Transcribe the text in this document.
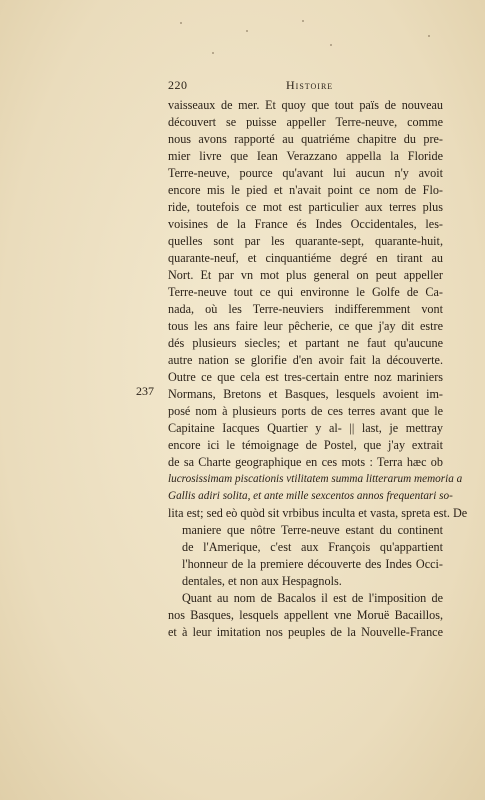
220	Histoire
237
vaisseaux de mer. Et quoy que tout païs de nouveau
découvert se puisse appeller Terre-neuve, comme
nous avons rapporté au quatriéme chapitre du pre-
mier livre que Iean Verazzano appella la Floride
Terre-neuve, pource qu'avant lui aucun n'y avoit
encore mis le pied et n'avait point ce nom de Flo-
ride, toutefois ce mot est particulier aux terres plus
voisines de la France és Indes Occidentales, les-
quelles sont par les quarante-sept, quarante-huit,
quarante-neuf, et cinquantiéme degré en tirant au
Nort. Et par vn mot plus general on peut appeller
Terre-neuve tout ce qui environne le Golfe de Ca-
nada, où les Terre-neuviers indifferemment vont
tous les ans faire leur pêcherie, ce que j'ay dit estre
dés plusieurs siecles; et partant ne faut qu'aucune
autre nation se glorifie d'en avoir fait la découverte.
Outre ce que cela est tres-certain entre noz mariniers
Normans, Bretons et Basques, lesquels avoient im-
posé nom à plusieurs ports de ces terres avant que le
Capitaine Iacques Quartier y al- || last, je mettray
encore ici le témoignage de Postel, que j'ay extrait
de sa Charte geographique en ces mots : Terra hæc ob
lucrosissimam piscationis vtilitatem summa litterarum memoria a
Gallis adiri solita, et ante mille sexcentos annos frequentari so-
lita est; sed eò quòd sit vrbibus inculta et vasta, spreta est. De
maniere que nôtre Terre-neuve estant du continent
de l'Amerique, c'est aux François qu'appartient
l'honneur de la premiere découverte des Indes Occi-
dentales, et non aux Hespagnols.
Quant au nom de Bacalos il est de l'imposition de
nos Basques, lesquels appellent vne Moruë Bacaillos,
et à leur imitation nos peuples de la Nouvelle-France
